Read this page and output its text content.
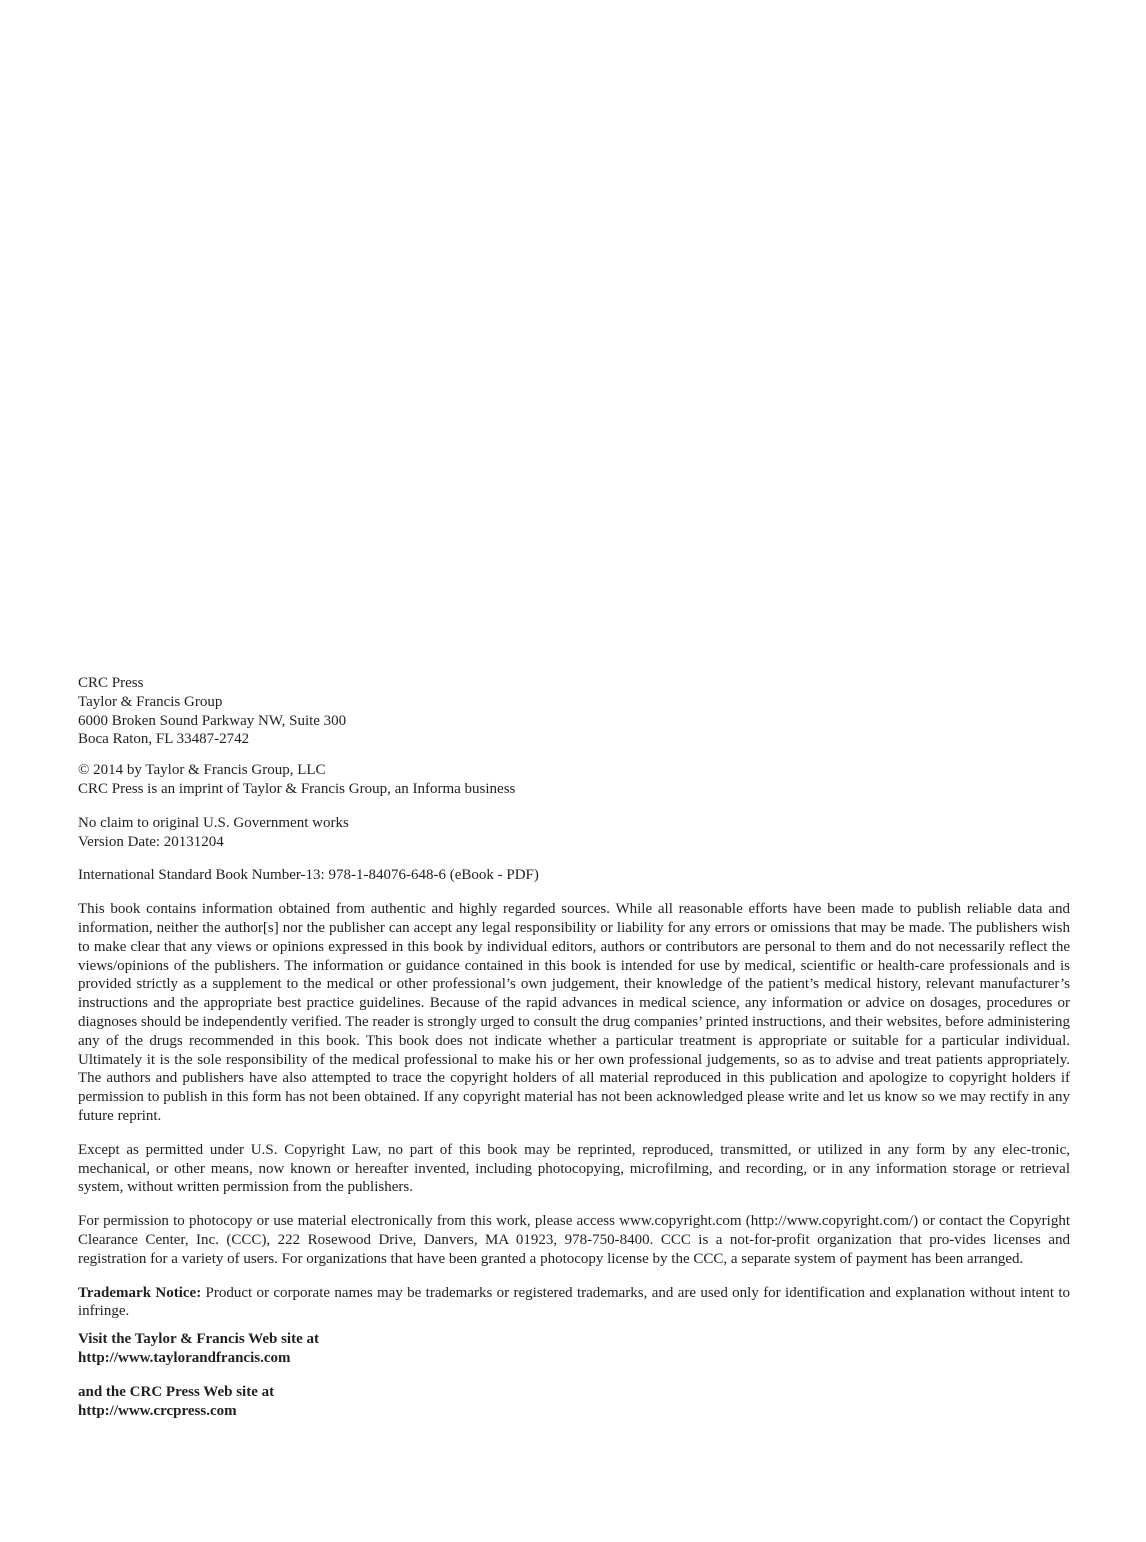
CRC Press
Taylor & Francis Group
6000 Broken Sound Parkway NW, Suite 300
Boca Raton, FL 33487-2742
© 2014 by Taylor & Francis Group, LLC
CRC Press is an imprint of Taylor & Francis Group, an Informa business
No claim to original U.S. Government works
Version Date: 20131204
International Standard Book Number-13: 978-1-84076-648-6 (eBook - PDF)

This book contains information obtained from authentic and highly regarded sources. While all reasonable efforts have been made to publish reliable data and information, neither the author[s] nor the publisher can accept any legal responsibility or liability for any errors or omissions that may be made. The publishers wish to make clear that any views or opinions expressed in this book by individual editors, authors or contributors are personal to them and do not necessarily reflect the views/opinions of the publishers. The information or guidance contained in this book is intended for use by medical, scientific or health-care professionals and is provided strictly as a supplement to the medical or other professional’s own judgement, their knowledge of the patient’s medical history, relevant manufacturer’s instructions and the appropriate best practice guidelines. Because of the rapid advances in medical science, any information or advice on dosages, procedures or diagnoses should be independently verified. The reader is strongly urged to consult the drug companies’ printed instructions, and their websites, before administering any of the drugs recommended in this book. This book does not indicate whether a particular treatment is appropriate or suitable for a particular individual. Ultimately it is the sole responsibility of the medical professional to make his or her own professional judgements, so as to advise and treat patients appropriately. The authors and publishers have also attempted to trace the copyright holders of all material reproduced in this publication and apologize to copyright holders if permission to publish in this form has not been obtained. If any copyright material has not been acknowledged please write and let us know so we may rectify in any future reprint.

Except as permitted under U.S. Copyright Law, no part of this book may be reprinted, reproduced, transmitted, or utilized in any form by any elec-tronic, mechanical, or other means, now known or hereafter invented, including photocopying, microfilming, and recording, or in any information storage or retrieval system, without written permission from the publishers.

For permission to photocopy or use material electronically from this work, please access www.copyright.com (http://www.copyright.com/) or contact the Copyright Clearance Center, Inc. (CCC), 222 Rosewood Drive, Danvers, MA 01923, 978-750-8400. CCC is a not-for-profit organization that pro-vides licenses and registration for a variety of users. For organizations that have been granted a photocopy license by the CCC, a separate system of payment has been arranged.

Trademark Notice: Product or corporate names may be trademarks or registered trademarks, and are used only for identification and explanation without intent to infringe.

Visit the Taylor & Francis Web site at
http://www.taylorandfrancis.com
and the CRC Press Web site at
http://www.crcpress.com
